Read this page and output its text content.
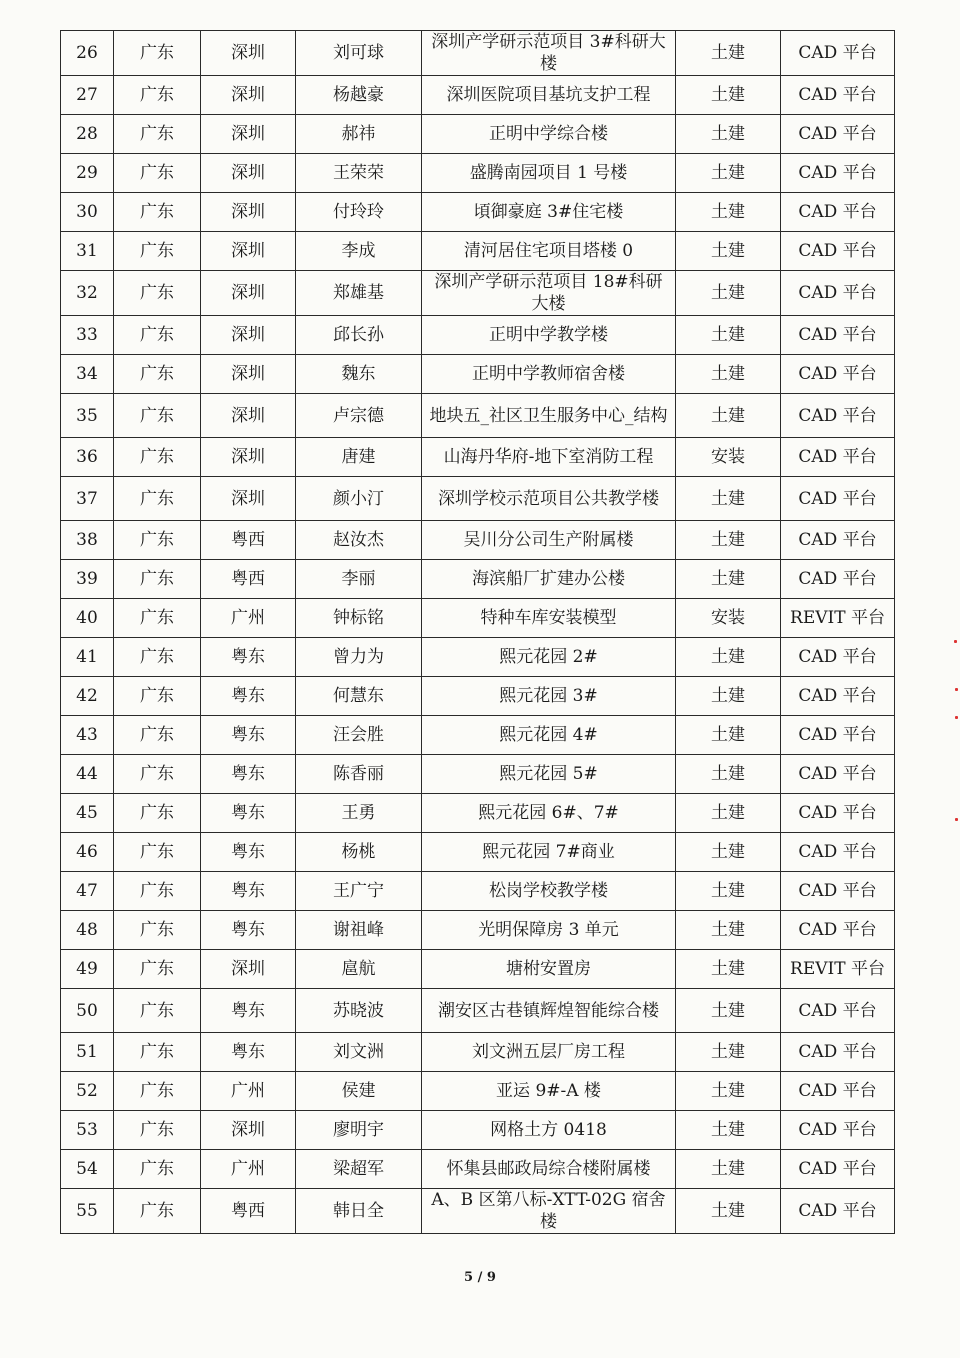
26	广东	深圳	刘可球	深圳产学研示范项目 3#科研大楼	土建	CAD 平台
27	广东	深圳	杨越豪	深圳医院项目基坑支护工程	土建	CAD 平台
28	广东	深圳	郝祎	正明中学综合楼	土建	CAD 平台
29	广东	深圳	王荣荣	盛腾南园项目 1 号楼	土建	CAD 平台
30	广东	深圳	付玲玲	頃御豪庭 3#住宅楼	土建	CAD 平台
31	广东	深圳	李成	清河居住宅项目塔楼 0	土建	CAD 平台
32	广东	深圳	郑雄基	深圳产学研示范项目 18#科研大楼	土建	CAD 平台
33	广东	深圳	邱长孙	正明中学教学楼	土建	CAD 平台
34	广东	深圳	魏东	正明中学教师宿舍楼	土建	CAD 平台
35	广东	深圳	卢宗德	地块五_社区卫生服务中心_结构	土建	CAD 平台
36	广东	深圳	唐建	山海丹华府-地下室消防工程	安装	CAD 平台
37	广东	深圳	颜小汀	深圳学校示范项目公共教学楼	土建	CAD 平台
38	广东	粤西	赵汝杰	吴川分公司生产附属楼	土建	CAD 平台
39	广东	粤西	李丽	海滨船厂扩建办公楼	土建	CAD 平台
40	广东	广州	钟标铭	特种车库安装模型	安装	REVIT 平台
41	广东	粤东	曾力为	熙元花园 2#	土建	CAD 平台
42	广东	粤东	何慧东	熙元花园 3#	土建	CAD 平台
43	广东	粤东	汪会胜	熙元花园 4#	土建	CAD 平台
44	广东	粤东	陈香丽	熙元花园 5#	土建	CAD 平台
45	广东	粤东	王勇	熙元花园 6#、7#	土建	CAD 平台
46	广东	粤东	杨桃	熙元花园 7#商业	土建	CAD 平台
47	广东	粤东	王广宁	松岗学校教学楼	土建	CAD 平台
48	广东	粤东	谢祖峰	光明保障房 3 单元	土建	CAD 平台
49	广东	深圳	扈航	塘柎安置房	土建	REVIT 平台
50	广东	粤东	苏晓波	潮安区古巷镇辉煌智能综合楼	土建	CAD 平台
51	广东	粤东	刘文洲	刘文洲五层厂房工程	土建	CAD 平台
52	广东	广州	侯建	亚运 9#-A 楼	土建	CAD 平台
53	广东	深圳	廖明宇	网格土方 0418	土建	CAD 平台
54	广东	广州	梁超军	怀集县邮政局综合楼附属楼	土建	CAD 平台
55	广东	粤西	韩日全	A、B 区第八标-XTT-02G 宿舍楼	土建	CAD 平台
5 / 9
